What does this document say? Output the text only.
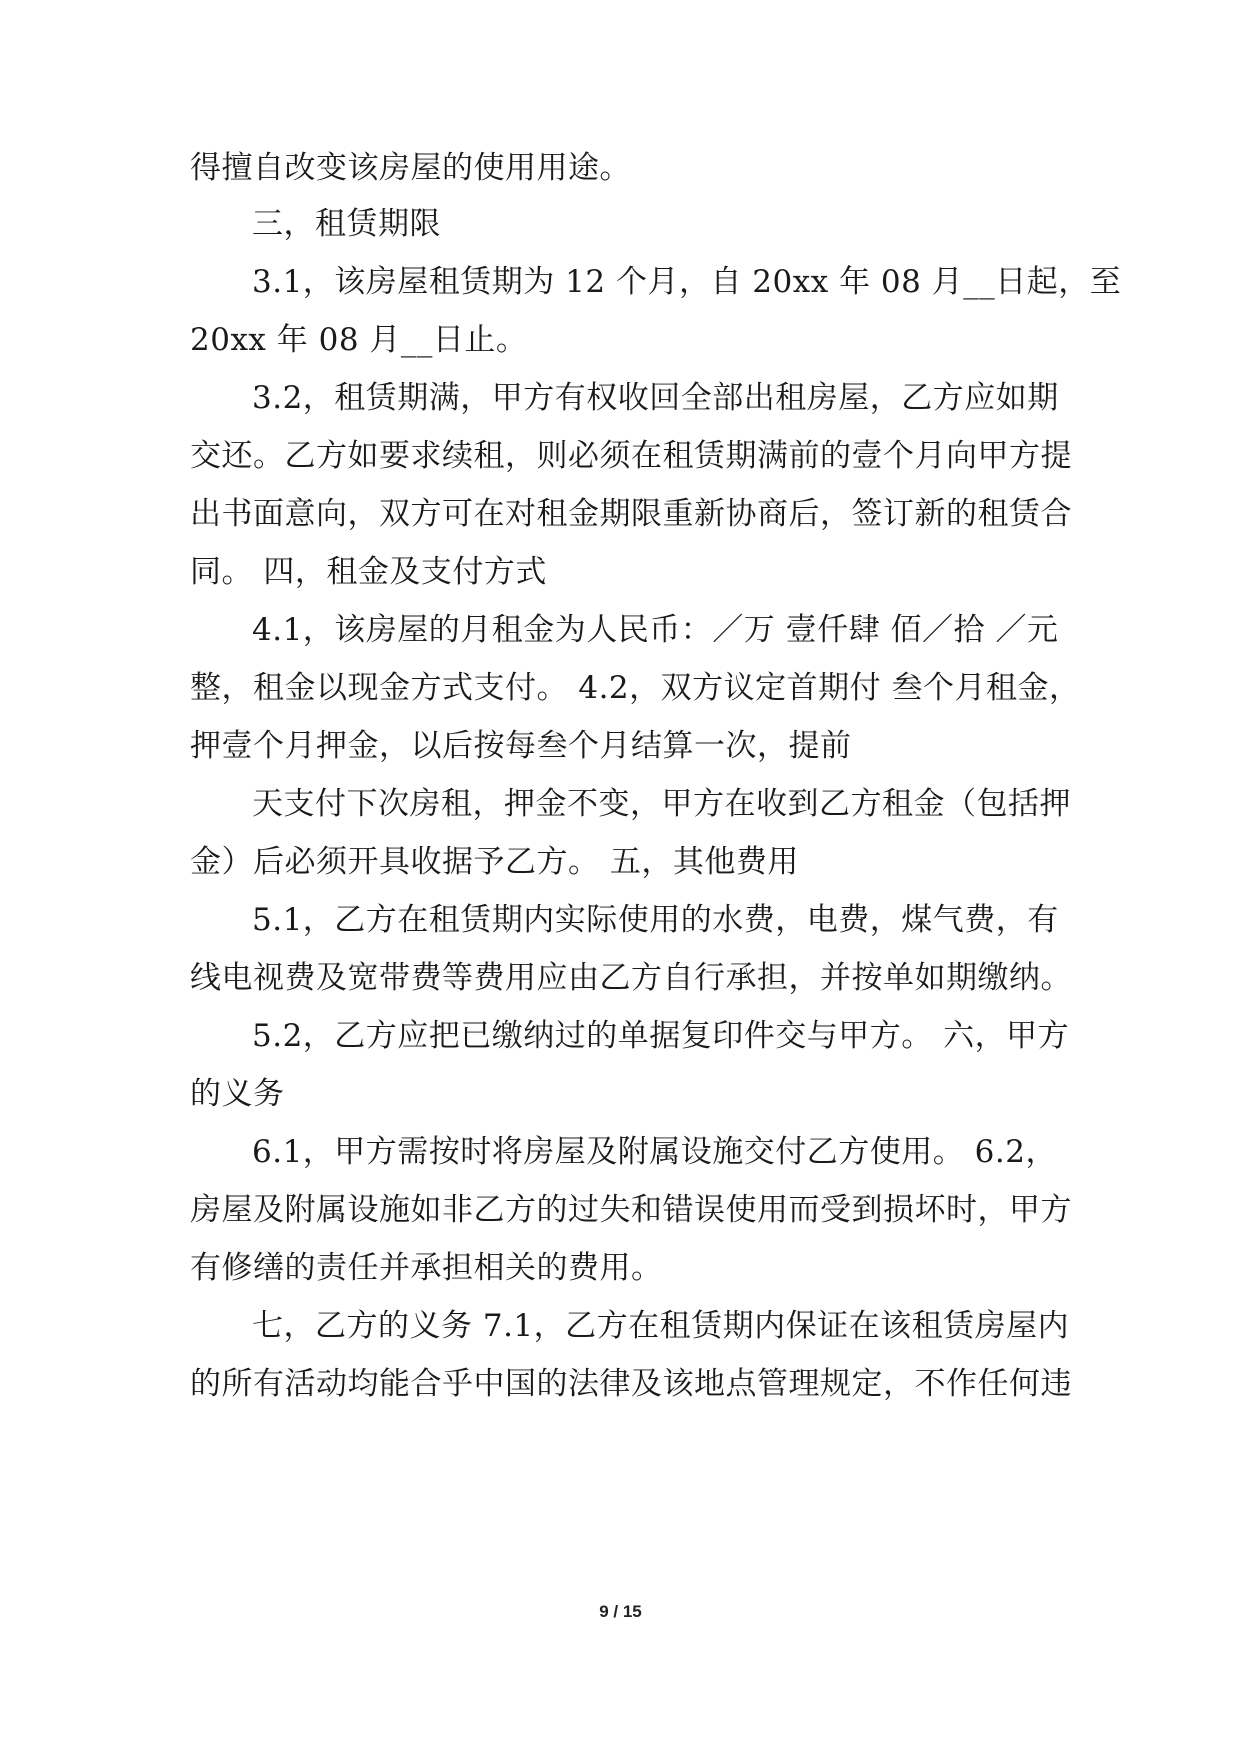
得擅自改变该房屋的使用用途。
三，租赁期限
3.1，该房屋租赁期为 12 个月，自 20xx 年 08 月__日起，至
20xx 年 08 月__日止。
3.2，租赁期满，甲方有权收回全部出租房屋，乙方应如期
交还。乙方如要求续租，则必须在租赁期满前的壹个月向甲方提
出书面意向，双方可在对租金期限重新协商后，签订新的租赁合
同。 四，租金及支付方式
4.1，该房屋的月租金为人民币：／万 壹仟肆 佰／拾 ／元
整，租金以现金方式支付。 4.2，双方议定首期付 叁个月租金，
押壹个月押金，以后按每叁个月结算一次，提前
天支付下次房租，押金不变，甲方在收到乙方租金（包括押
金）后必须开具收据予乙方。 五，其他费用
5.1，乙方在租赁期内实际使用的水费，电费，煤气费，有
线电视费及宽带费等费用应由乙方自行承担，并按单如期缴纳。
5.2，乙方应把已缴纳过的单据复印件交与甲方。 六，甲方
的义务
6.1，甲方需按时将房屋及附属设施交付乙方使用。 6.2，
房屋及附属设施如非乙方的过失和错误使用而受到损坏时，甲方
有修缮的责任并承担相关的费用。
七，乙方的义务 7.1，乙方在租赁期内保证在该租赁房屋内
的所有活动均能合乎中国的法律及该地点管理规定，不作任何违
9 / 15
